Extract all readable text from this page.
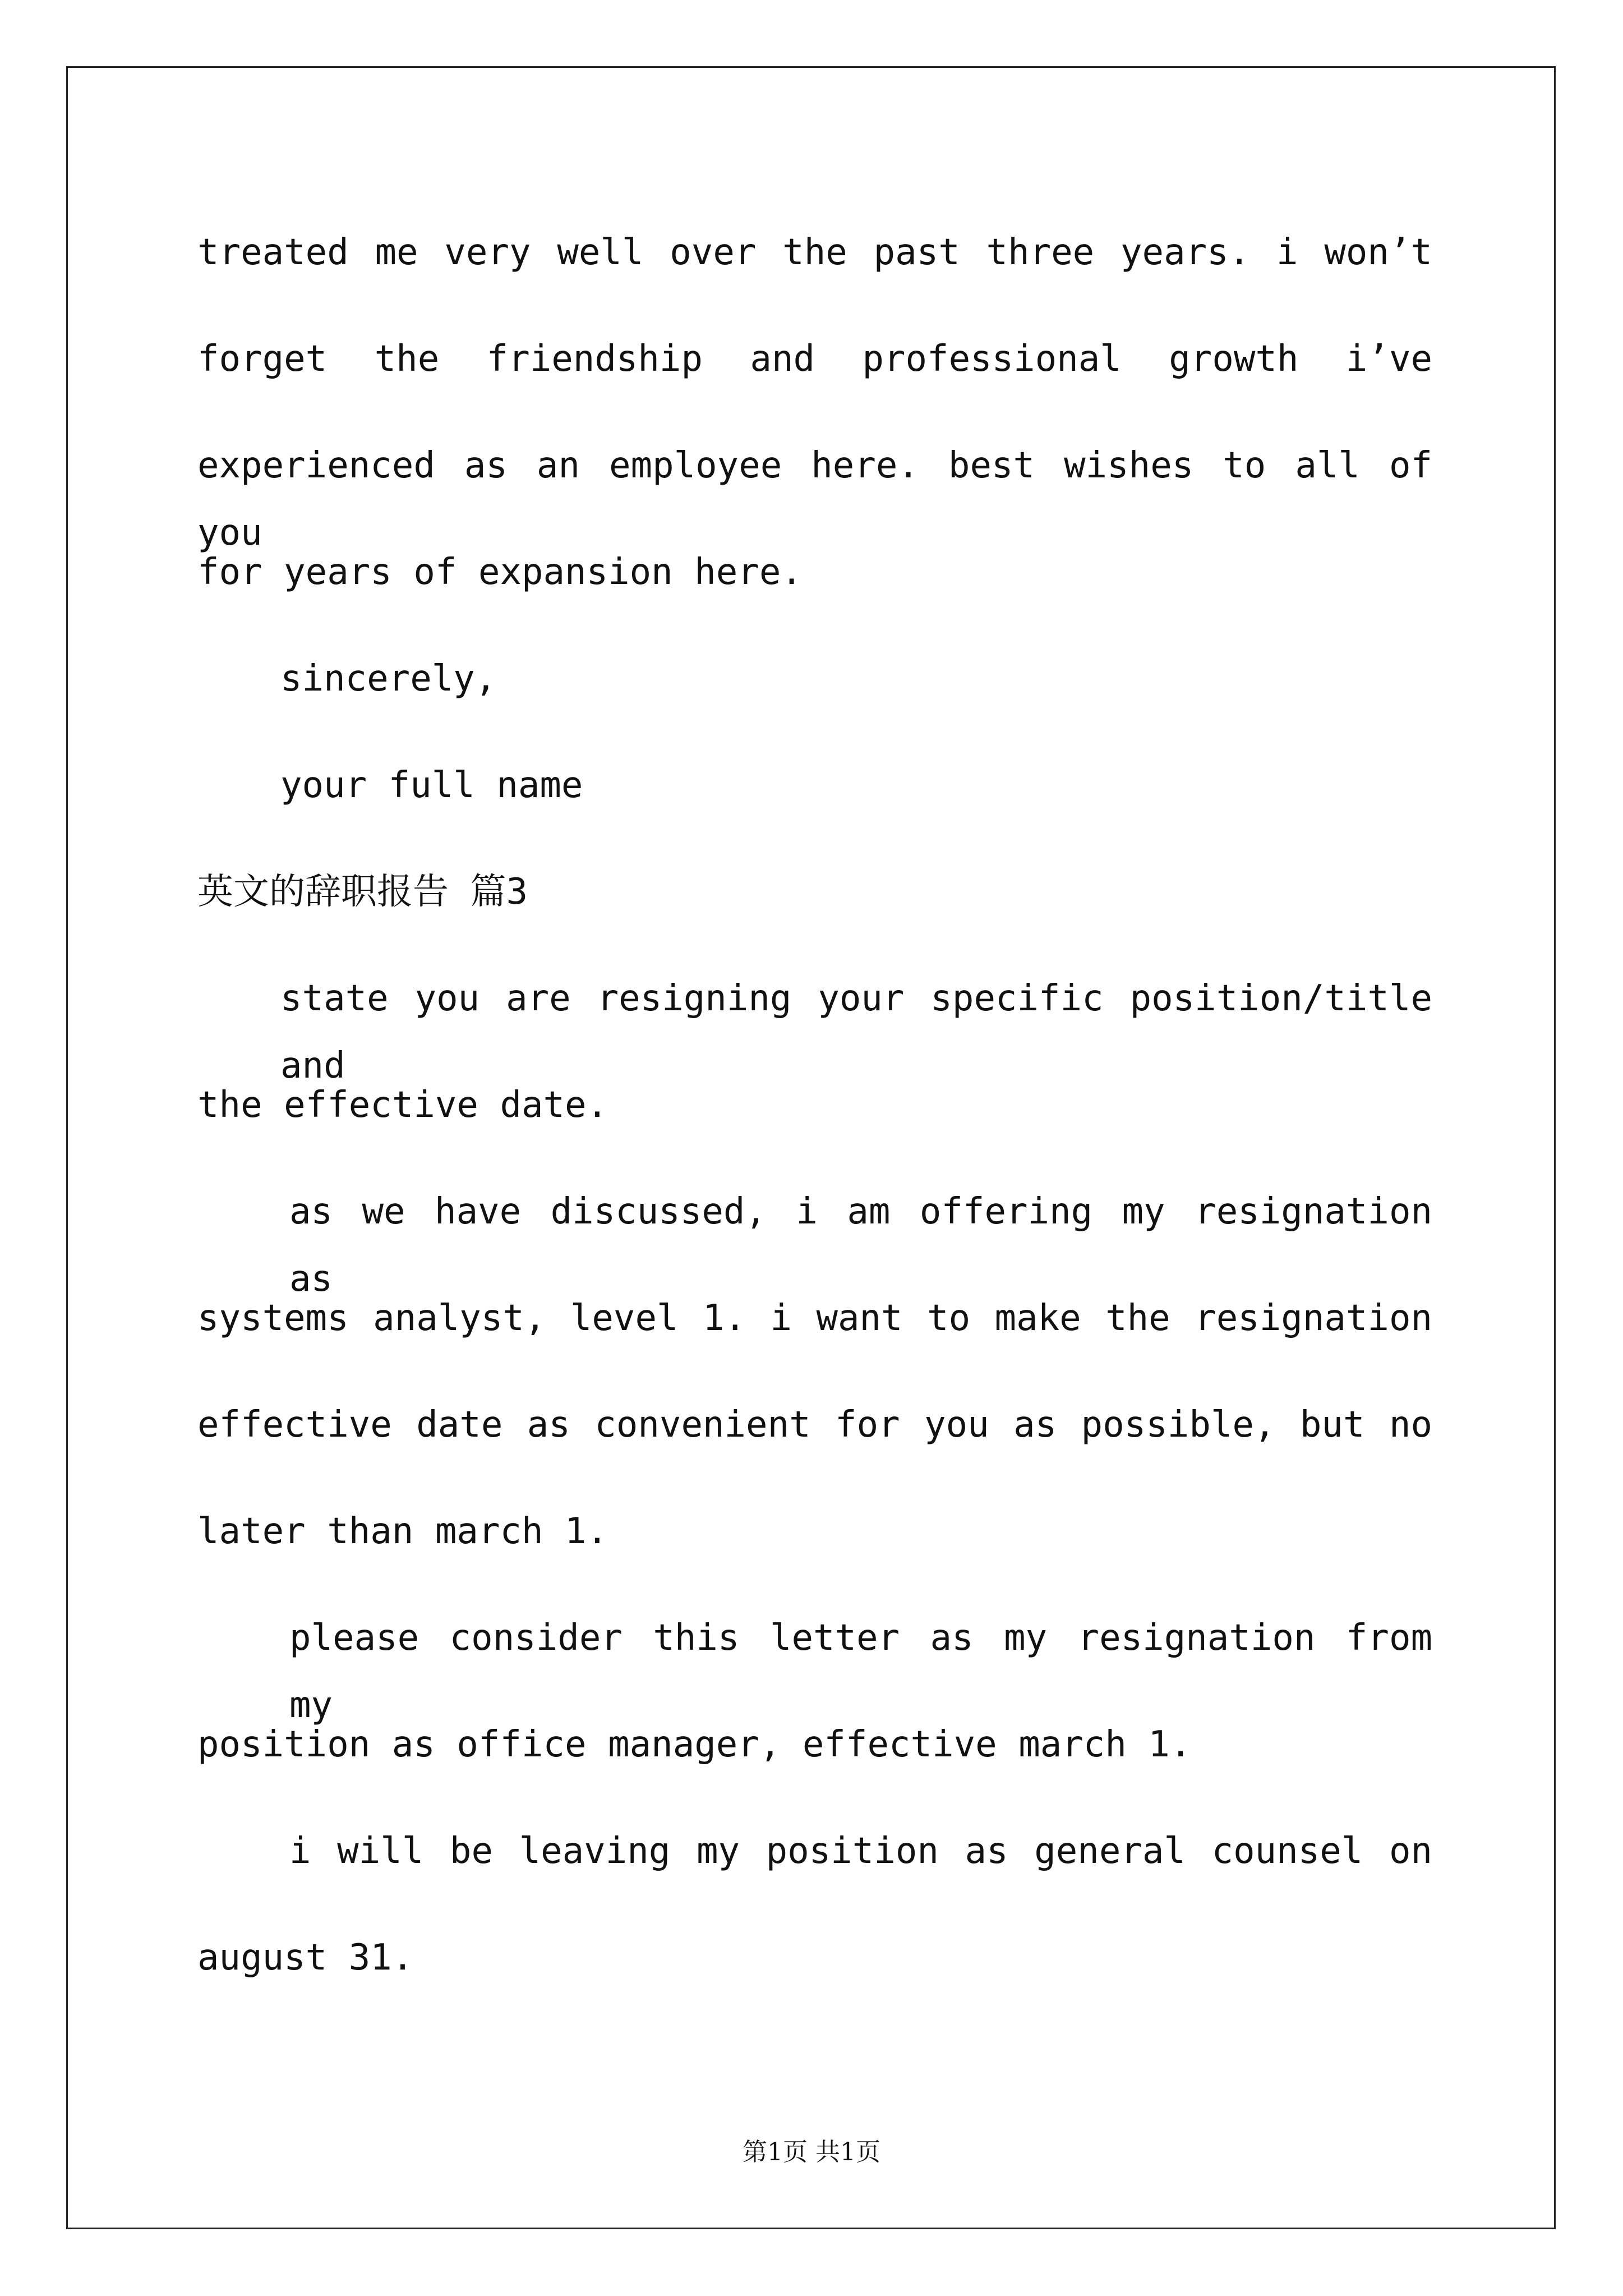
treated me very well over the past three years. i won’t
forget the friendship and professional growth i’ve
experienced as an employee here. best wishes to all of you
for years of expansion here.
sincerely,
your full name
英文的辞职报告 篇3
state you are resigning your specific position/title and
the effective date.
as we have discussed, i am offering my resignation as
systems analyst, level 1. i want to make the resignation
effective date as convenient for you as possible, but no
later than march 1.
please consider this letter as my resignation from my
position as office manager, effective march 1.
i will be leaving my position as general counsel on
august 31.
第1页 共1页
